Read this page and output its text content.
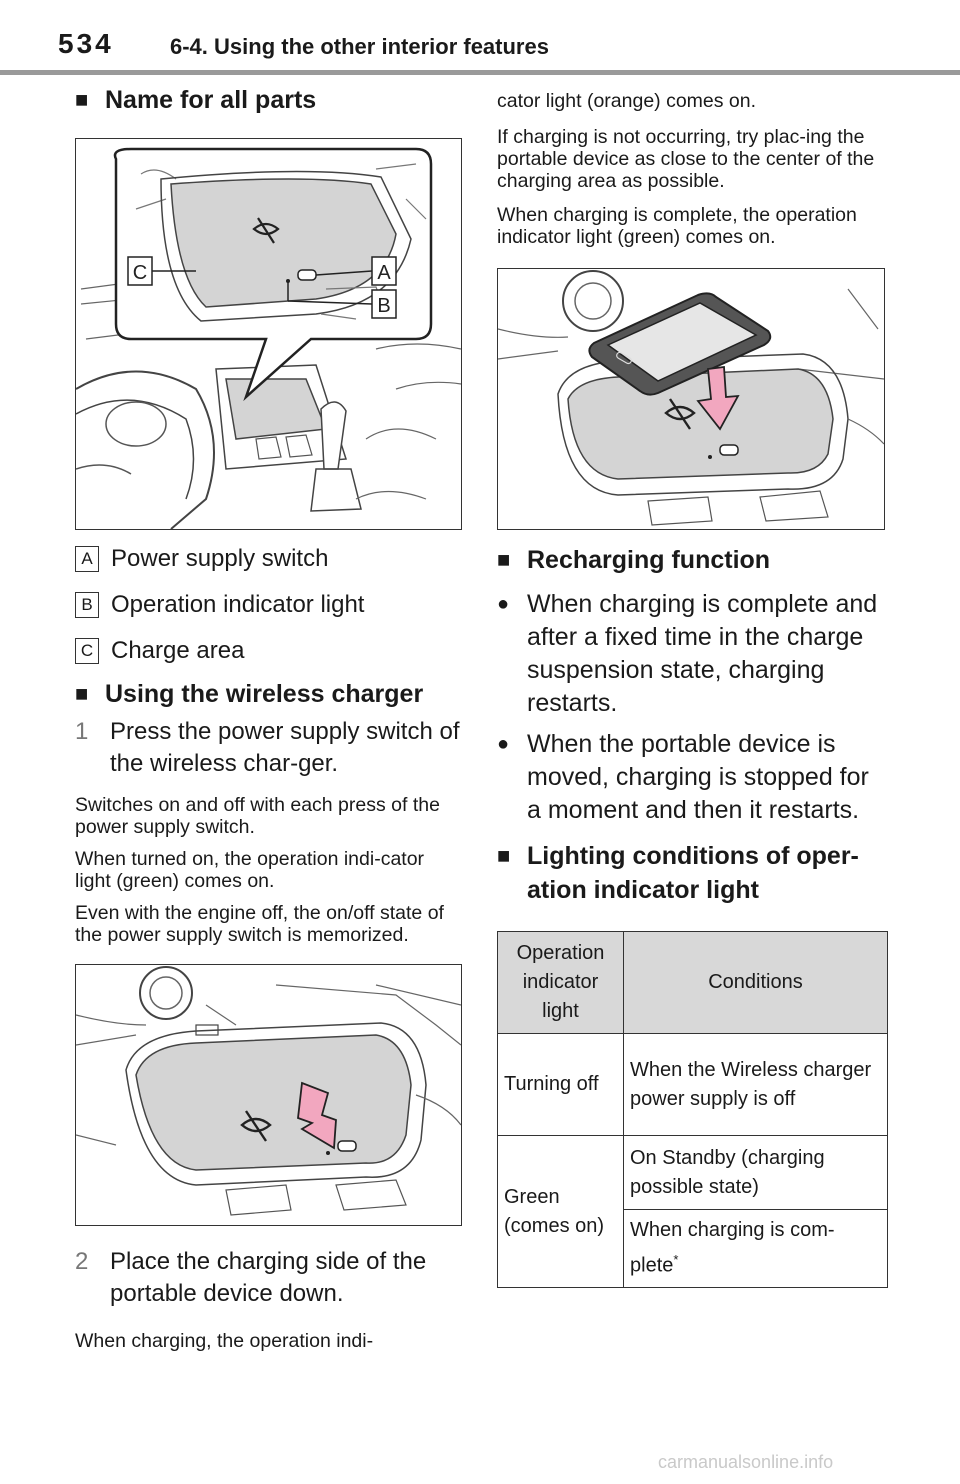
534	6-4. Using the other interior features
■ Name for all parts
C	A
B
A Power supply switch
B Operation indicator light
C Charge area
■ Using the wireless charger
1 Press the power supply switch of the wireless char-ger.

Switches on and off with each press of the power supply switch.

When turned on, the operation indi-cator light (green) comes on.

Even with the engine off, the on/off state of the power supply switch is memorized.

2 Place the charging side of the portable device down.

When charging, the operation indi-

cator light (orange) comes on.

If charging is not occurring, try plac-ing the portable device as close to the center of the charging area as possible.

When charging is complete, the operation indicator light (green) comes on.

■ Recharging function
● When charging is complete and after a fixed time in the charge suspension state, charging restarts.
● When the portable device is moved, charging is stopped for a moment and then it restarts.
■ Lighting conditions of oper-ation indicator light
Operation indicator light	Conditions
Turning off	When the Wireless charger power supply is off
Green (comes on)	On Standby (charging possible state)
	When charging is com-plete*
carmanualsonline.info
